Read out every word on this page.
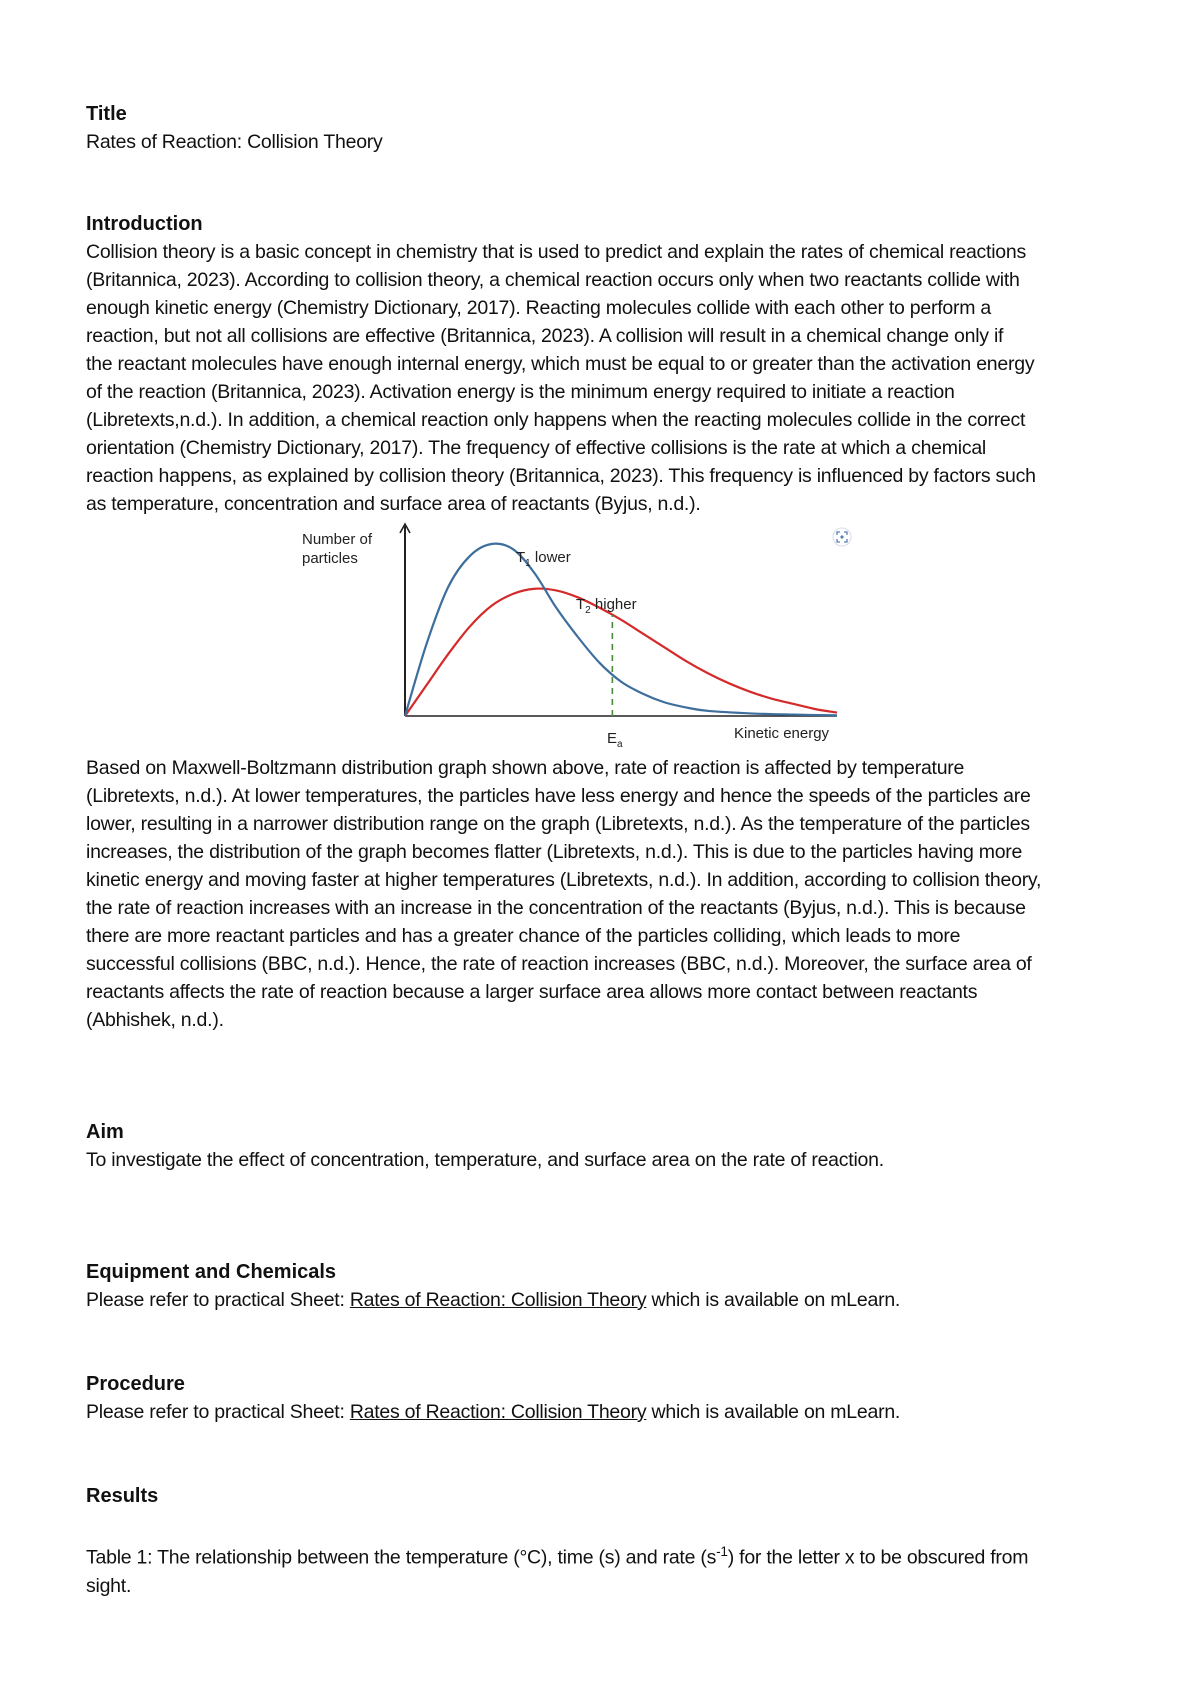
Title

Rates of Reaction: Collision Theory

Introduction

Collision theory is a basic concept in chemistry that is used to predict and explain the rates of chemical reactions

(Britannica, 2023). According to collision theory, a chemical reaction occurs only when two reactants collide with

enough kinetic energy (Chemistry Dictionary, 2017). Reacting molecules collide with each other to perform a

reaction, but not all collisions are effective (Britannica, 2023). A collision will result in a chemical change only if

the reactant molecules have enough internal energy, which must be equal to or greater than the activation energy

of the reaction (Britannica, 2023). Activation energy is the minimum energy required to initiate a reaction

(Libretexts,n.d.). In addition, a chemical reaction only happens when the reacting molecules collide in the correct

orientation (Chemistry Dictionary, 2017). The frequency of effective collisions is the rate at which a chemical

reaction happens, as explained by collision theory (Britannica, 2023). This frequency is influenced by factors such

as temperature, concentration and surface area of reactants (Byjus, n.d.).

Number of
particles	$T_1$ lower
$T_2$ higher
$E_a$
Kinetic energy

Based on Maxwell-Boltzmann distribution graph shown above, rate of reaction is affected by temperature

(Libretexts, n.d.). At lower temperatures, the particles have less energy and hence the speeds of the particles are

lower, resulting in a narrower distribution range on the graph (Libretexts, n.d.). As the temperature of the particles

increases, the distribution of the graph becomes flatter (Libretexts, n.d.). This is due to the particles having more

kinetic energy and moving faster at higher temperatures (Libretexts, n.d.). In addition, according to collision theory,

the rate of reaction increases with an increase in the concentration of the reactants (Byjus, n.d.). This is because

there are more reactant particles and has a greater chance of the particles colliding, which leads to more

successful collisions (BBC, n.d.). Hence, the rate of reaction increases (BBC, n.d.). Moreover, the surface area of

reactants affects the rate of reaction because a larger surface area allows more contact between reactants

(Abhishek, n.d.).

Aim

To investigate the effect of concentration, temperature, and surface area on the rate of reaction.

Equipment and Chemicals

Please refer to practical Sheet: Rates of Reaction: Collision Theory which is available on mLearn.

Procedure

Please refer to practical Sheet: Rates of Reaction: Collision Theory which is available on mLearn.

Results

Table 1: The relationship between the temperature (°C), time (s) and rate $(s^{-1})$ for the letter x to be obscured from

sight.
